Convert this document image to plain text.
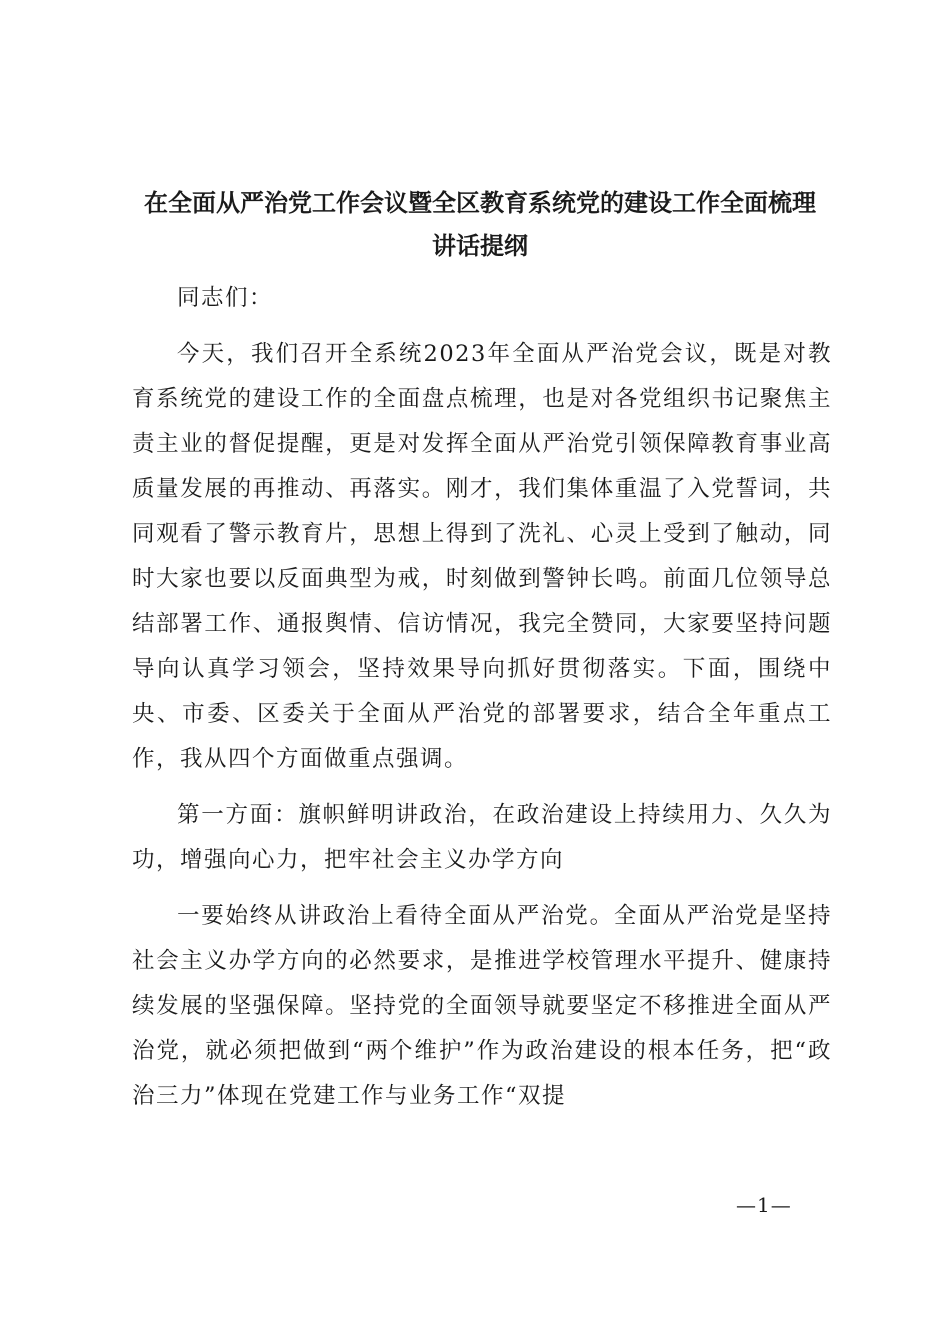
在全面从严治党工作会议暨全区教育系统党的建设工作全面梳理
讲话提纲

同志们：

今天，我们召开全系统2023年全面从严治党会议，既是对教育系统党的建设工作的全面盘点梳理，也是对各党组织书记聚焦主责主业的督促提醒，更是对发挥全面从严治党引领保障教育事业高质量发展的再推动、再落实。刚才，我们集体重温了入党誓词，共同观看了警示教育片，思想上得到了洗礼、心灵上受到了触动，同时大家也要以反面典型为戒，时刻做到警钟长鸣。前面几位领导总结部署工作、通报舆情、信访情况，我完全赞同，大家要坚持问题导向认真学习领会，坚持效果导向抓好贯彻落实。下面，围绕中央、市委、区委关于全面从严治党的部署要求，结合全年重点工作，我从四个方面做重点强调。

第一方面：旗帜鲜明讲政治，在政治建设上持续用力、久久为功，增强向心力，把牢社会主义办学方向

一要始终从讲政治上看待全面从严治党。全面从严治党是坚持社会主义办学方向的必然要求，是推进学校管理水平提升、健康持续发展的坚强保障。坚持党的全面领导就要坚定不移推进全面从严治党，就必须把做到“两个维护”作为政治建设的根本任务，把“政治三力”体现在党建工作与业务工作“双提

—1—
